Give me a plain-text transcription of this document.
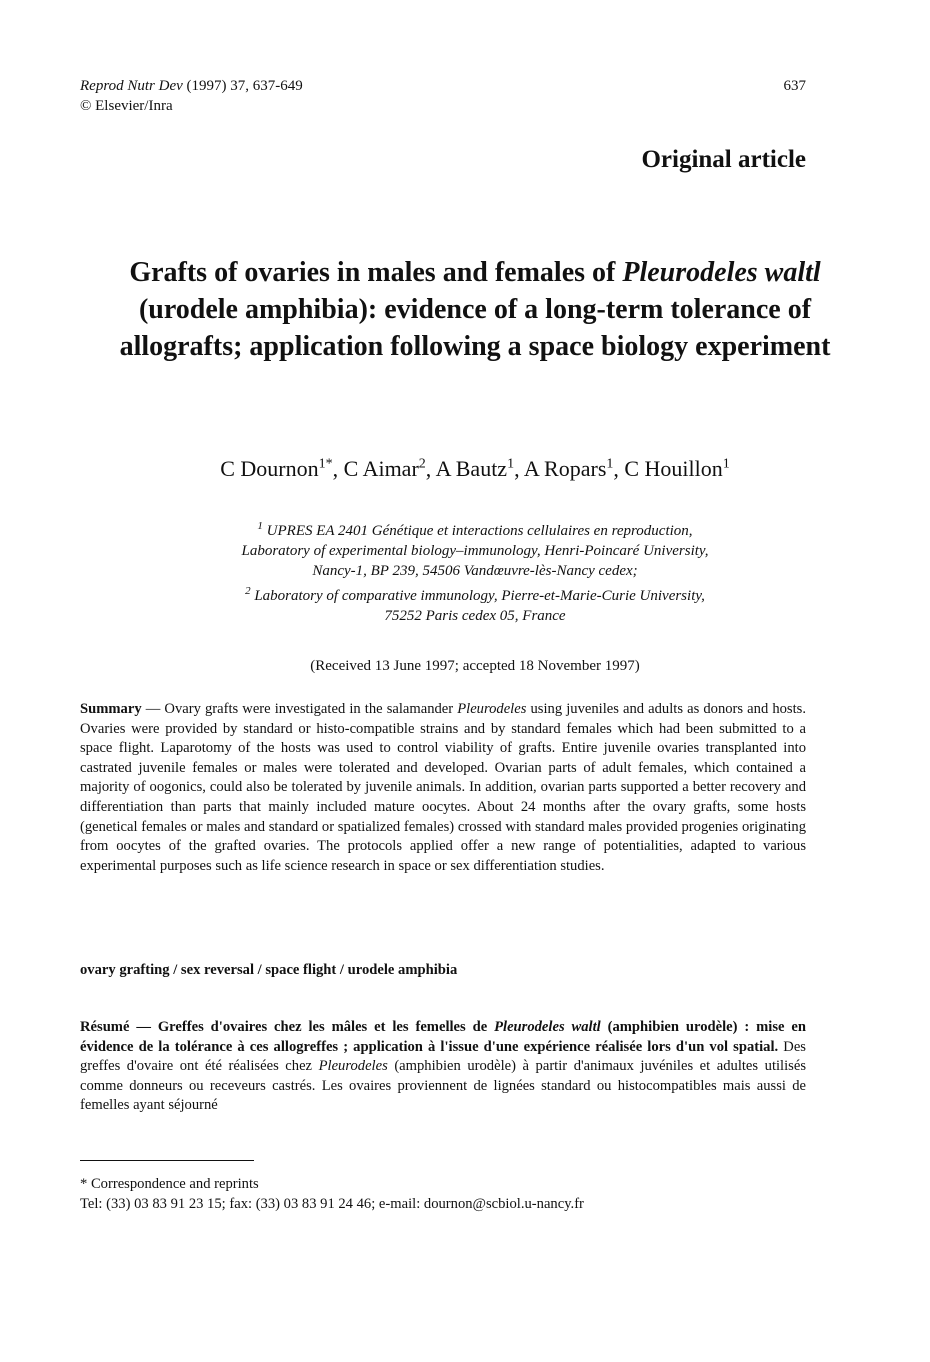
Reprod Nutr Dev (1997) 37, 637-649
© Elsevier/Inra
637
Original article
Grafts of ovaries in males and females of Pleurodeles waltl (urodele amphibia): evidence of a long-term tolerance of allografts; application following a space biology experiment
C Dournon$^{1*}$, C Aimar$^2$, A Bautz$^1$, A Ropars$^1$, C Houillon$^1$
$^1$ UPRES EA 2401 Génétique et interactions cellulaires en reproduction,
Laboratory of experimental biology–immunology, Henri-Poincaré University,
Nancy-1, BP 239, 54506 Vandœuvre-lès-Nancy cedex;
$^2$ Laboratory of comparative immunology, Pierre-et-Marie-Curie University,
75252 Paris cedex 05, France
(Received 13 June 1997; accepted 18 November 1997)
Summary — Ovary grafts were investigated in the salamander Pleurodeles using juveniles and adults as donors and hosts. Ovaries were provided by standard or histo-compatible strains and by standard females which had been submitted to a space flight. Laparotomy of the hosts was used to control viability of grafts. Entire juvenile ovaries transplanted into castrated juvenile females or males were tolerated and developed. Ovarian parts of adult females, which contained a majority of oogonics, could also be tolerated by juvenile animals. In addition, ovarian parts supported a better recovery and differentiation than parts that mainly included mature oocytes. About 24 months after the ovary grafts, some hosts (genetical females or males and standard or spatialized females) crossed with standard males provided progenies originating from oocytes of the grafted ovaries. The protocols applied offer a new range of potentialities, adapted to various experimental purposes such as life science research in space or sex differentiation studies.
ovary grafting / sex reversal / space flight / urodele amphibia
Résumé — Greffes d'ovaires chez les mâles et les femelles de Pleurodeles waltl (amphibien urodèle) : mise en évidence de la tolérance à ces allogreffes ; application à l'issue d'une expérience réalisée lors d'un vol spatial. Des greffes d'ovaire ont été réalisées chez Pleurodeles (amphibien urodèle) à partir d'animaux juvéniles et adultes utilisés comme donneurs ou receveurs castrés. Les ovaires proviennent de lignées standard ou histocompatibles mais aussi de femelles ayant séjourné
* Correspondence and reprints
Tel: (33) 03 83 91 23 15; fax: (33) 03 83 91 24 46; e-mail: dournon@scbiol.u-nancy.fr
